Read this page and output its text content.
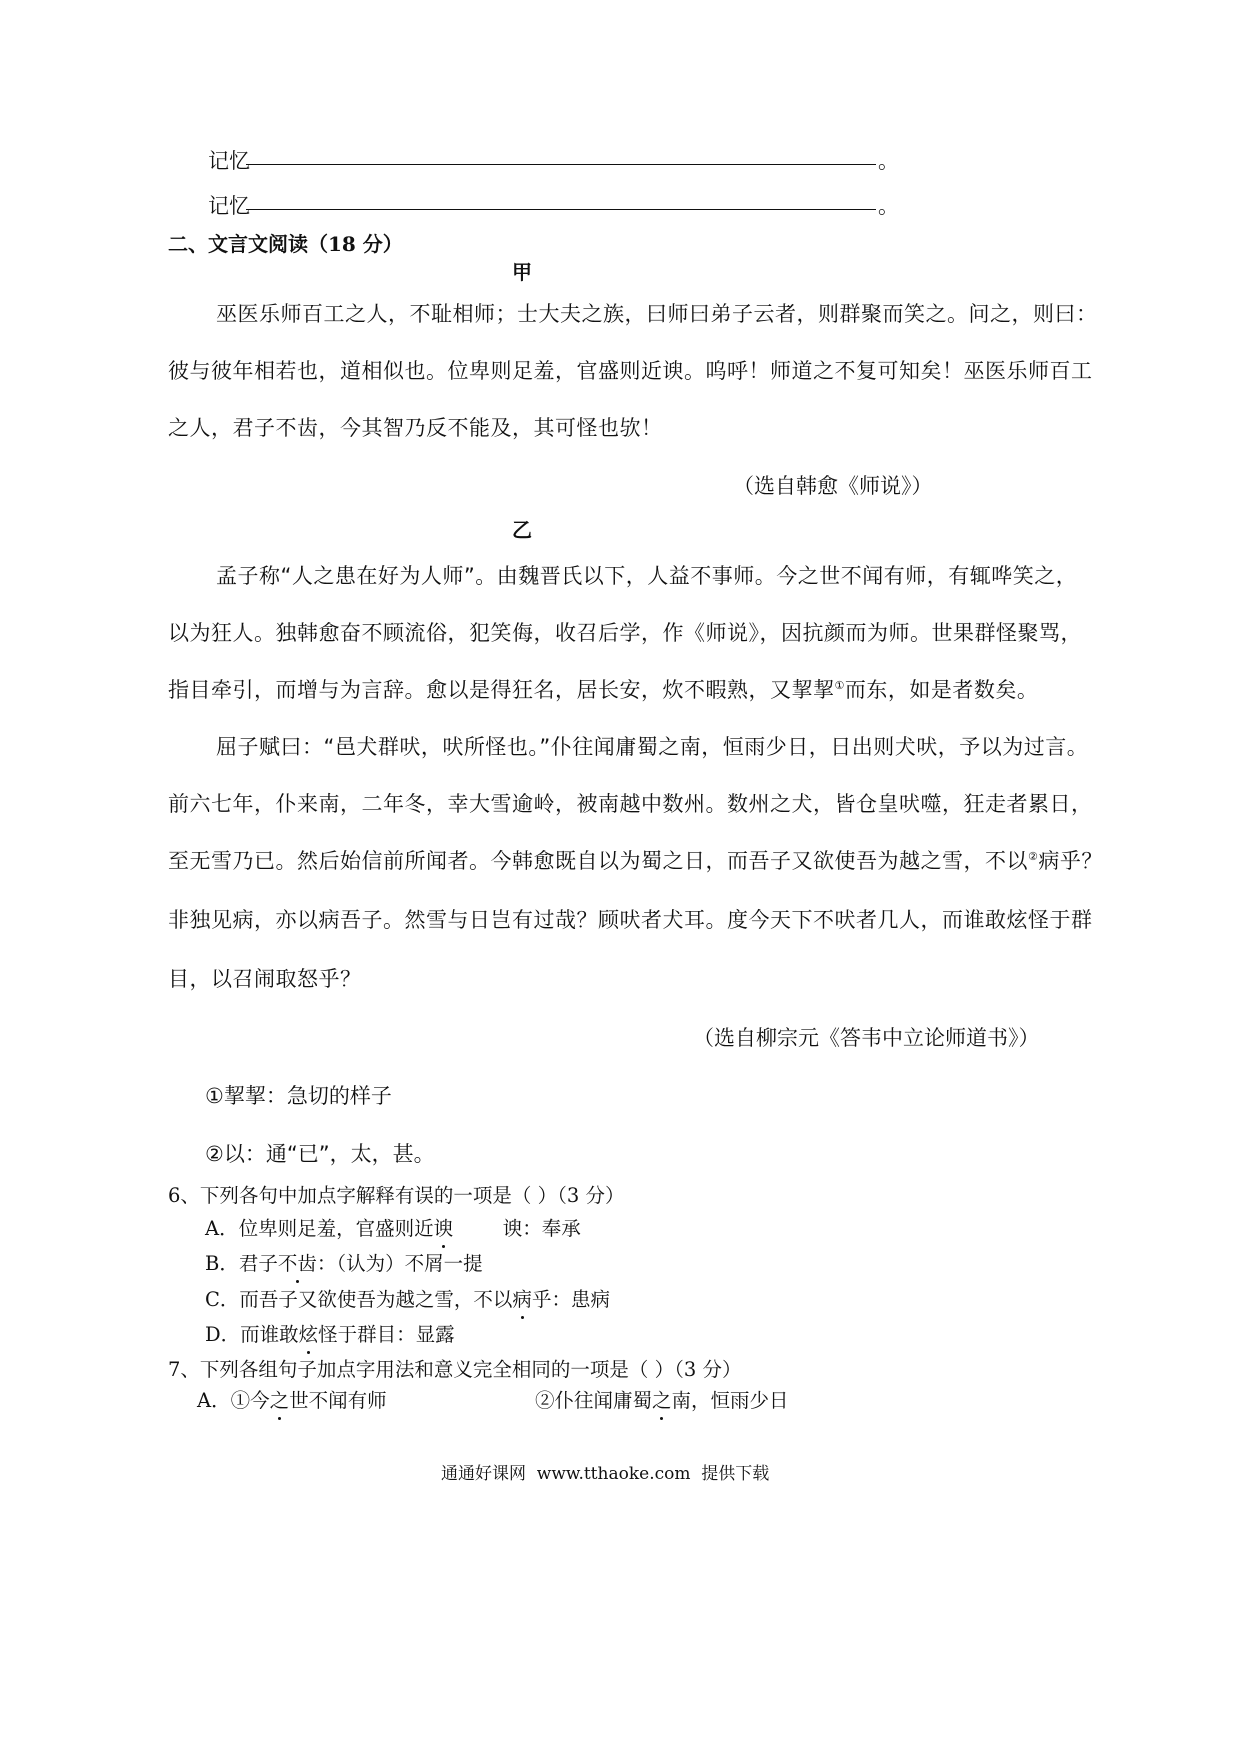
记忆	。
记忆	。
二、文言文阅读（18 分）
甲
巫医乐师百工之人，不耻相师；士大夫之族，曰师曰弟子云者，则群聚而笑之。问之，则曰：
彼与彼年相若也，道相似也。位卑则足羞，官盛则近谀。呜呼！师道之不复可知矣！巫医乐师百工
之人，君子不齿，今其智乃反不能及，其可怪也欤！
（选自韩愈《师说》）
乙
孟子称“人之患在好为人师”。由魏晋氏以下，人益不事师。今之世不闻有师，有辄哗笑之，
以为狂人。独韩愈奋不顾流俗，犯笑侮，收召后学，作《师说》，因抗颜而为师。世果群怪聚骂，
指目牵引，而增与为言辞。愈以是得狂名，居长安，炊不暇熟，又挈挈①而东，如是者数矣。
屈子赋曰：“邑犬群吠，吠所怪也。”仆往闻庸蜀之南，恒雨少日，日出则犬吠，予以为过言。
前六七年，仆来南，二年冬，幸大雪逾岭，被南越中数州。数州之犬，皆仓皇吠噬，狂走者累日，
至无雪乃已。然后始信前所闻者。今韩愈既自以为蜀之日，而吾子又欲使吾为越之雪，不以②病乎？
非独见病，亦以病吾子。然雪与日岂有过哉？顾吠者犬耳。度今天下不吠者几人，而谁敢炫怪于群
目，以召闹取怒乎？
（选自柳宗元《答韦中立论师道书》）
①挈挈：急切的样子
②以：通“已”，太，甚。
6、下列各句中加点字解释有误的一项是（ ）（3 分）
A．位卑则足羞，官盛则近谀        谀：奉承
B．君子不齿：（认为）不屑一提
C．而吾子又欲使吾为越之雪，不以病乎：患病
D．而谁敢炫怪于群目：显露
7、下列各组句子加点字用法和意义完全相同的一项是（ ）（3 分）
A．①今之世不闻有师	②仆往闻庸蜀之南，恒雨少日
通通好课网  www.tthaoke.com  提供下载
